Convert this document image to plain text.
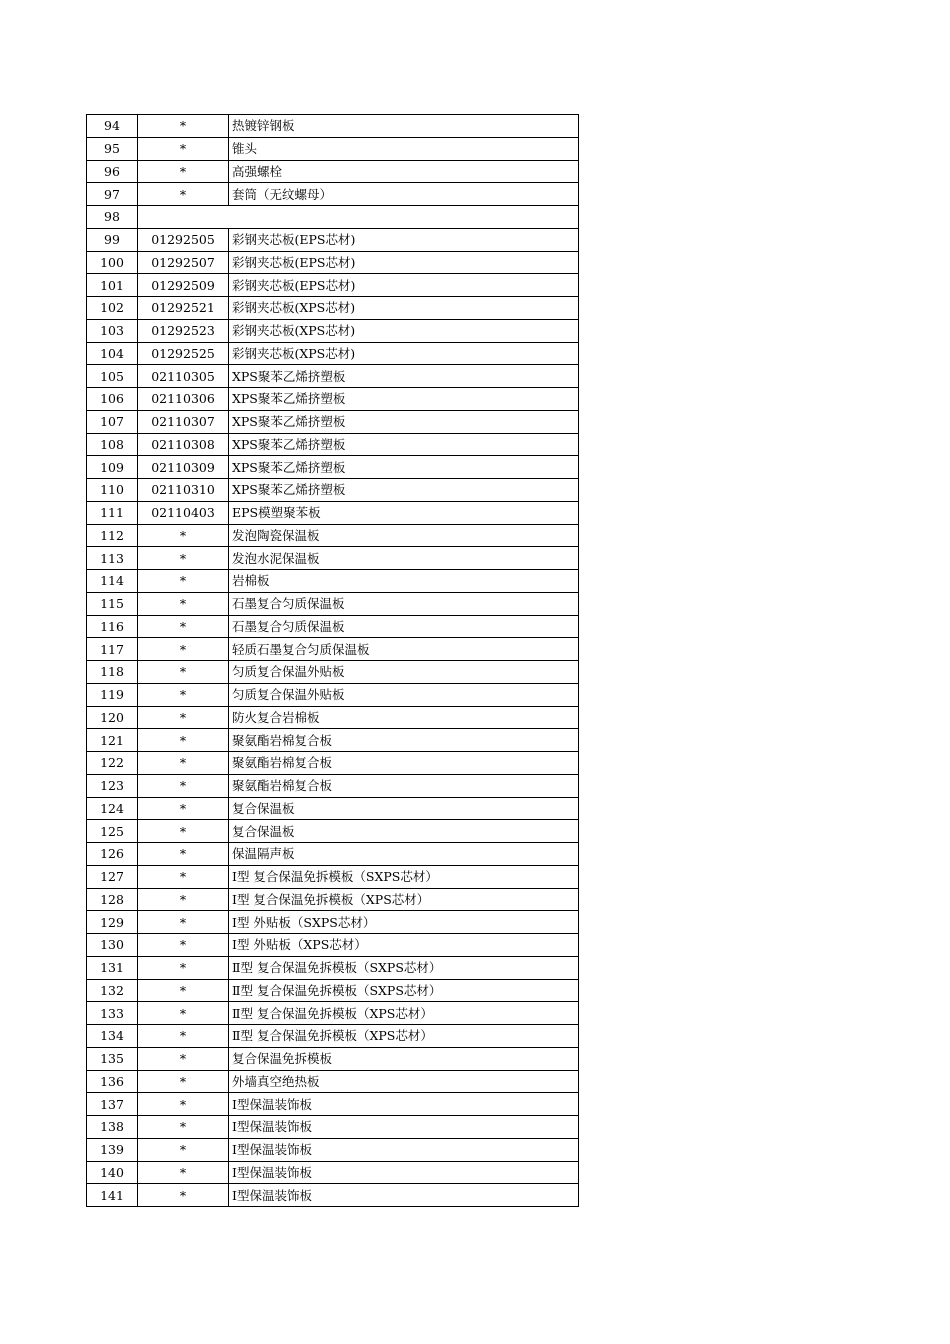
94	*	热镀锌钢板
95	*	锥头
96	*	高强螺栓
97	*	套筒（无纹螺母）
98		
99	01292505	彩钢夹芯板(EPS芯材)
100	01292507	彩钢夹芯板(EPS芯材)
101	01292509	彩钢夹芯板(EPS芯材)
102	01292521	彩钢夹芯板(XPS芯材)
103	01292523	彩钢夹芯板(XPS芯材)
104	01292525	彩钢夹芯板(XPS芯材)
105	02110305	XPS聚苯乙烯挤塑板
106	02110306	XPS聚苯乙烯挤塑板
107	02110307	XPS聚苯乙烯挤塑板
108	02110308	XPS聚苯乙烯挤塑板
109	02110309	XPS聚苯乙烯挤塑板
110	02110310	XPS聚苯乙烯挤塑板
111	02110403	EPS模塑聚苯板
112	*	发泡陶瓷保温板
113	*	发泡水泥保温板
114	*	岩棉板
115	*	石墨复合匀质保温板
116	*	石墨复合匀质保温板
117	*	轻质石墨复合匀质保温板
118	*	匀质复合保温外贴板
119	*	匀质复合保温外贴板
120	*	防火复合岩棉板
121	*	聚氨酯岩棉复合板
122	*	聚氨酯岩棉复合板
123	*	聚氨酯岩棉复合板
124	*	复合保温板
125	*	复合保温板
126	*	保温隔声板
127	*	Ⅰ型 复合保温免拆模板（SXPS芯材）
128	*	Ⅰ型 复合保温免拆模板（XPS芯材）
129	*	Ⅰ型 外贴板（SXPS芯材）
130	*	Ⅰ型 外贴板（XPS芯材）
131	*	Ⅱ型 复合保温免拆模板（SXPS芯材）
132	*	Ⅱ型 复合保温免拆模板（SXPS芯材）
133	*	Ⅱ型 复合保温免拆模板（XPS芯材）
134	*	Ⅱ型 复合保温免拆模板（XPS芯材）
135	*	复合保温免拆模板
136	*	外墙真空绝热板
137	*	I型保温装饰板
138	*	I型保温装饰板
139	*	I型保温装饰板
140	*	I型保温装饰板
141	*	I型保温装饰板
